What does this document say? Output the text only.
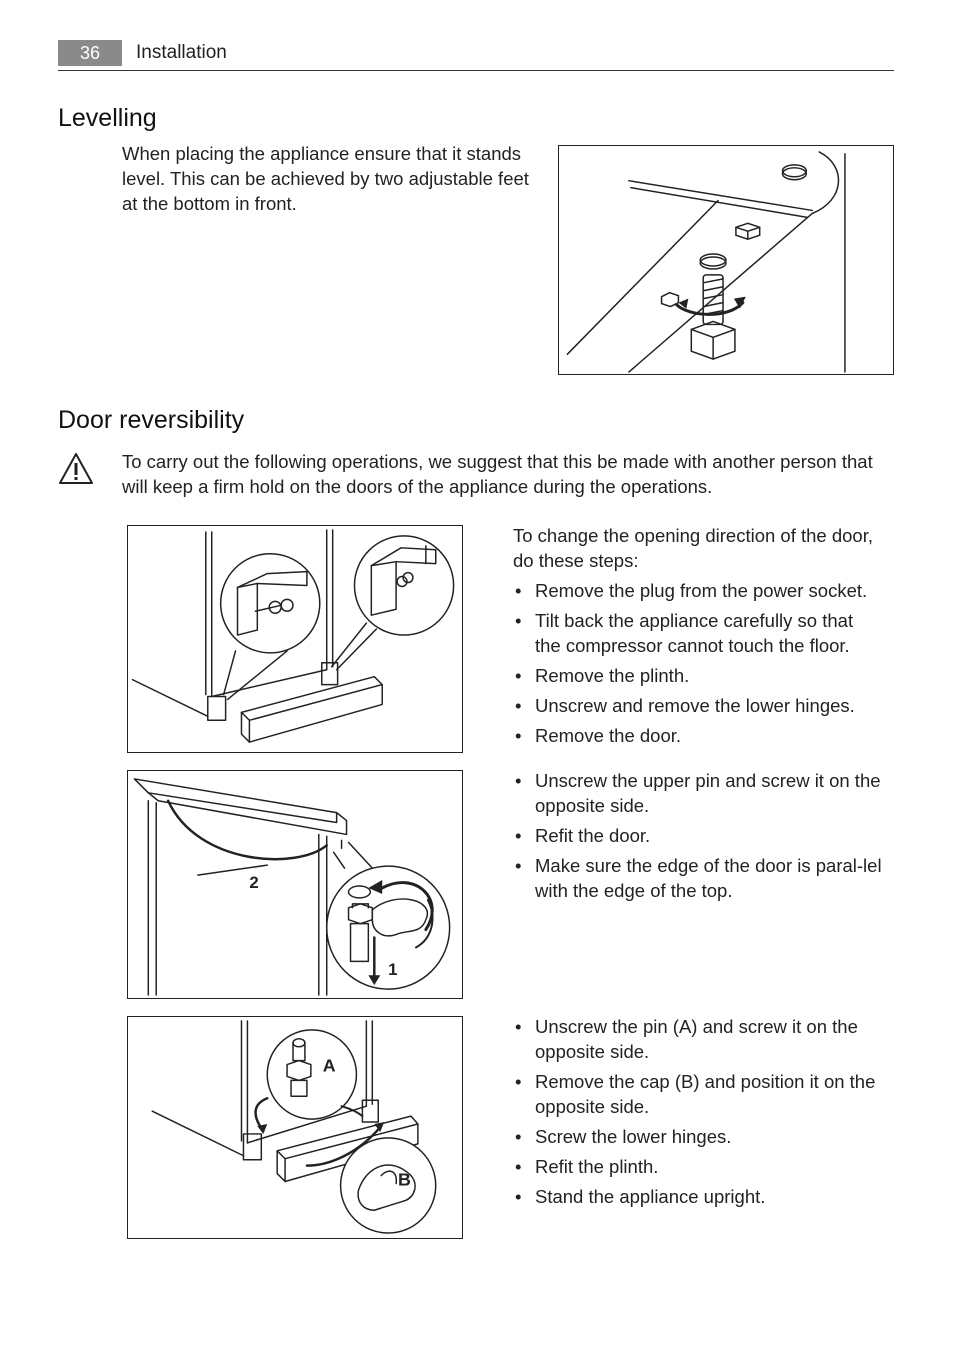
36	Installation
Levelling

When placing the appliance ensure that it stands level. This can be achieved by two adjustable feet at the bottom in front.

Door reversibility

To carry out the following operations, we suggest that this be made with another person that will keep a firm hold on the doors of the appliance during the operations.

To change the opening direction of the door, do these steps:

• Remove the plug from the power socket.
• Tilt back the appliance carefully so that the compressor cannot touch the floor.
• Remove the plinth.
• Unscrew and remove the lower hinges.
• Remove the door.
2
1
• Unscrew the upper pin and screw it on the opposite side.
• Refit the door.
• Make sure the edge of the door is paral-lel with the edge of the top.
A
B
• Unscrew the pin (A) and screw it on the opposite side.
• Remove the cap (B) and position it on the opposite side.
• Screw the lower hinges.
• Refit the plinth.
• Stand the appliance upright.
